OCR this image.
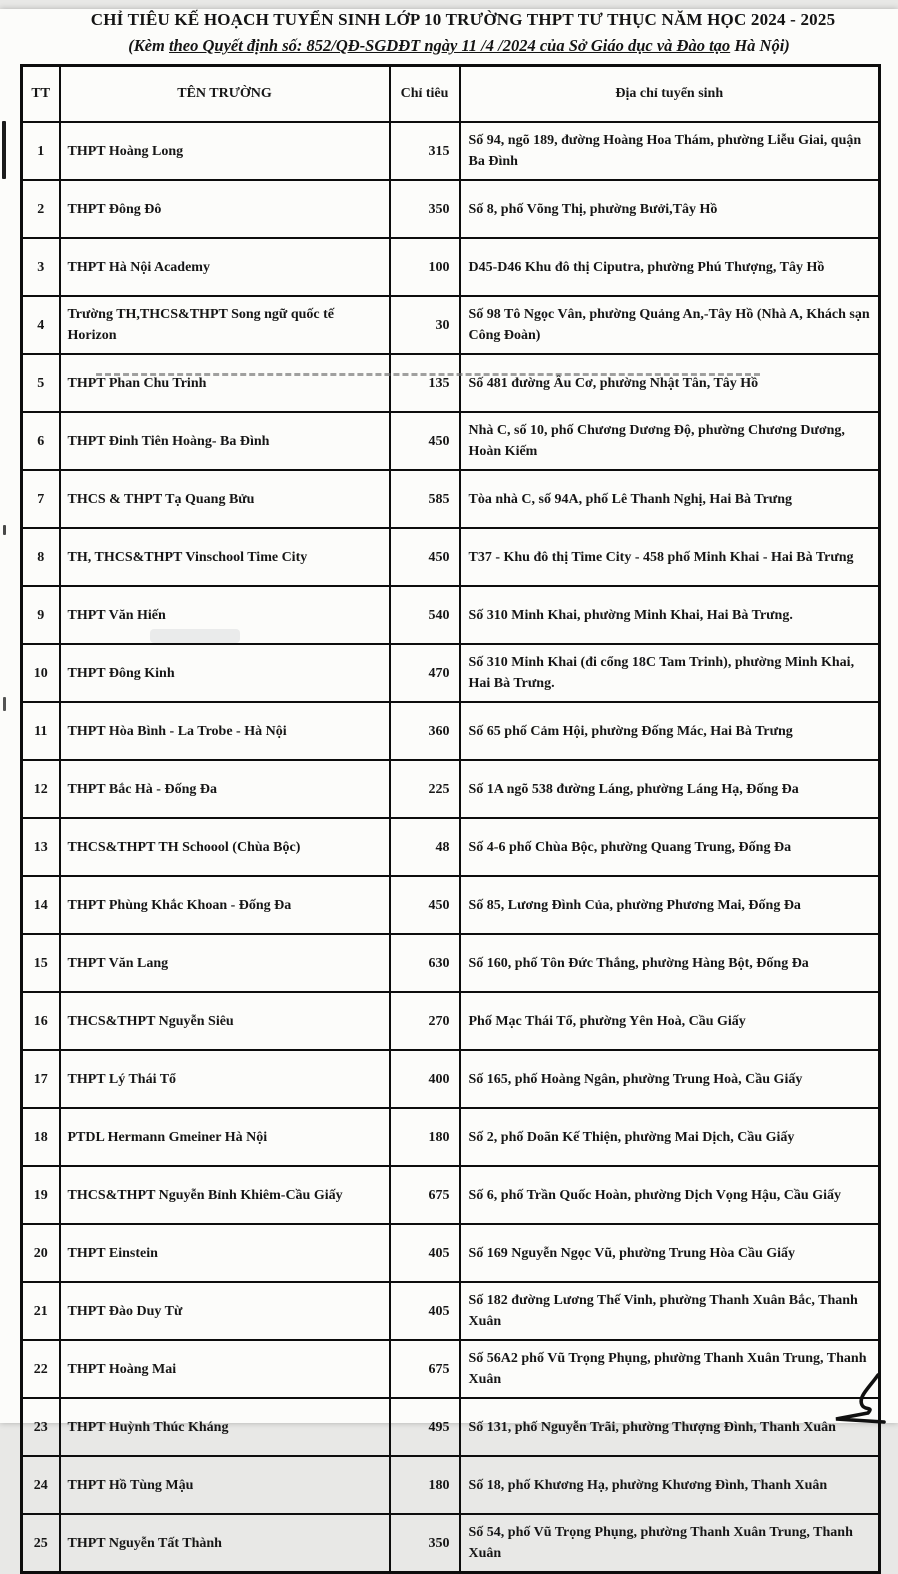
CHỈ TIÊU KẾ HOẠCH TUYỂN SINH LỚP 10 TRƯỜNG THPT TƯ THỤC NĂM HỌC 2024 - 2025
(Kèm theo Quyết định số: 852/QĐ-SGDĐT ngày 11 /4 /2024 của Sở Giáo dục và Đào tạo Hà Nội)
TT	TÊN TRƯỜNG	Chỉ tiêu	Địa chỉ tuyển sinh
1	THPT Hoàng Long	315	Số 94, ngõ 189, đường Hoàng Hoa Thám, phường Liễu Giai, quận Ba Đình
2	THPT Đông Đô	350	Số 8, phố Võng Thị, phường Bưởi,Tây Hồ
3	THPT Hà Nội Academy	100	D45-D46 Khu đô thị Ciputra, phường Phú Thượng, Tây Hồ
4	Trường TH,THCS&THPT Song ngữ quốc tế Horizon	30	Số 98 Tô Ngọc Vân, phường Quảng An,-Tây Hồ (Nhà A, Khách sạn Công Đoàn)
5	THPT Phan Chu Trinh	135	Số 481 đường Âu Cơ, phường Nhật Tân, Tây Hồ
6	THPT Đinh Tiên Hoàng- Ba Đình	450	Nhà C, số 10, phố Chương Dương Độ, phường Chương Dương, Hoàn Kiếm
7	THCS & THPT Tạ Quang Bửu	585	Tòa nhà C, số 94A, phố Lê Thanh Nghị, Hai Bà Trưng
8	TH, THCS&THPT Vinschool Time City	450	T37 - Khu đô thị Time City - 458 phố Minh Khai - Hai Bà Trưng
9	THPT Văn Hiến	540	Số 310 Minh Khai, phường Minh Khai, Hai Bà Trưng.
10	THPT Đông Kinh	470	Số 310 Minh Khai (đi cổng 18C Tam Trinh), phường Minh Khai, Hai Bà Trưng.
11	THPT Hòa Bình - La Trobe - Hà Nội	360	Số 65 phố Cảm Hội, phường Đống Mác, Hai Bà Trưng
12	THPT Bắc Hà - Đống Đa	225	Số 1A ngõ 538 đường Láng, phường Láng Hạ, Đống Đa
13	THCS&THPT TH Schoool (Chùa Bộc)	48	Số 4-6 phố Chùa Bộc, phường Quang Trung, Đống Đa
14	THPT Phùng Khắc Khoan - Đống Đa	450	Số 85, Lương Đình Của, phường Phương Mai, Đống Đa
15	THPT Văn Lang	630	Số 160, phố Tôn Đức Thắng, phường Hàng Bột, Đống Đa
16	THCS&THPT Nguyễn Siêu	270	Phố Mạc Thái Tổ, phường Yên Hoà, Cầu Giấy
17	THPT Lý Thái Tổ	400	Số 165, phố Hoàng Ngân, phường Trung Hoà, Cầu Giấy
18	PTDL Hermann Gmeiner Hà Nội	180	Số 2, phố Doãn Kế Thiện, phường Mai Dịch, Cầu Giấy
19	THCS&THPT Nguyễn Bỉnh Khiêm-Cầu Giấy	675	Số 6, phố Trần Quốc Hoàn, phường Dịch Vọng Hậu, Cầu Giấy
20	THPT Einstein	405	Số 169 Nguyễn Ngọc Vũ, phường Trung Hòa Cầu Giấy
21	THPT Đào Duy Từ	405	Số 182 đường Lương Thế Vinh, phường Thanh Xuân Bắc, Thanh Xuân
22	THPT Hoàng Mai	675	Số 56A2 phố Vũ Trọng Phụng, phường Thanh Xuân Trung, Thanh Xuân
23	THPT Huỳnh Thúc Kháng	495	Số 131, phố Nguyễn Trãi, phường Thượng Đình, Thanh Xuân
24	THPT Hồ Tùng Mậu	180	Số 18, phố Khương Hạ, phường Khương Đình, Thanh Xuân
25	THPT Nguyễn Tất Thành	350	Số 54, phố Vũ Trọng Phụng, phường Thanh Xuân Trung, Thanh Xuân
